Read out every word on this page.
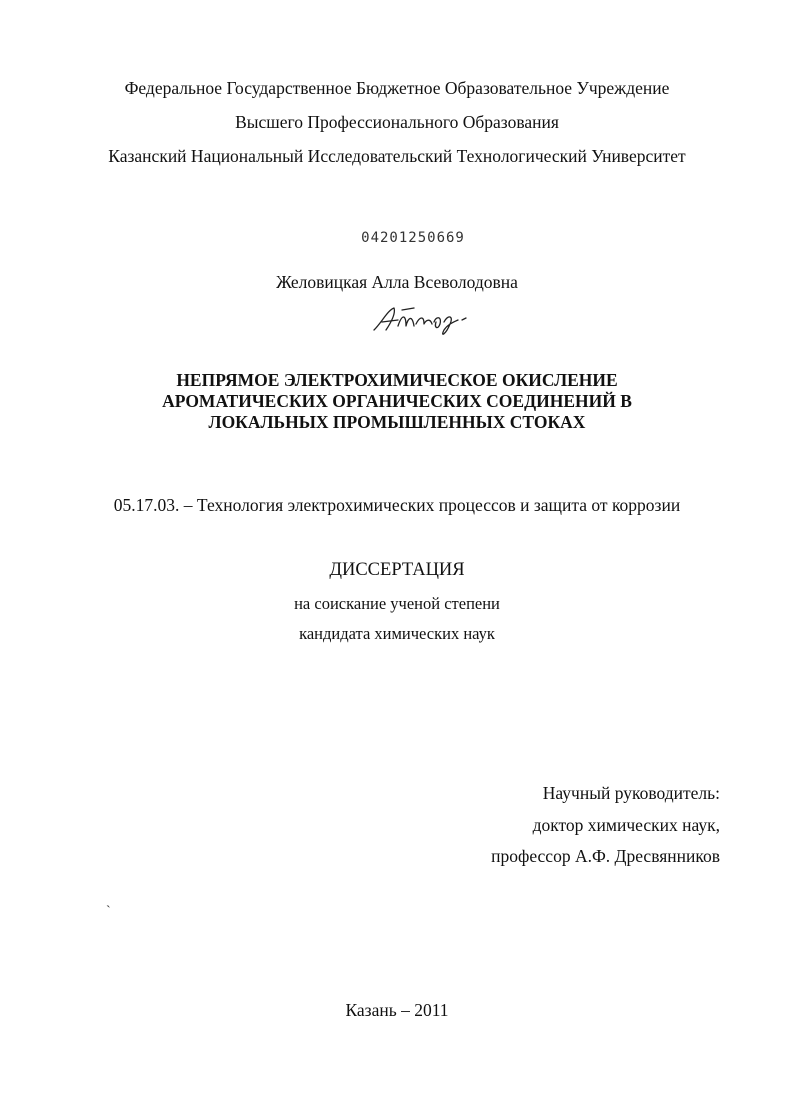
Федеральное Государственное Бюджетное Образовательное Учреждение
Высшего Профессионального Образования
Казанский Национальный Исследовательский Технологический Университет
04201250669
Желовицкая Алла Всеволодовна
НЕПРЯМОЕ ЭЛЕКТРОХИМИЧЕСКОЕ ОКИСЛЕНИЕ
АРОМАТИЧЕСКИХ ОРГАНИЧЕСКИХ СОЕДИНЕНИЙ В
ЛОКАЛЬНЫХ ПРОМЫШЛЕННЫХ СТОКАХ
05.17.03. – Технология электрохимических процессов и защита от коррозии
ДИССЕРТАЦИЯ
на соискание ученой степени
кандидата химических наук
Научный руководитель:
доктор химических наук,
профессор А.Ф. Дресвянников
`
Казань – 2011
